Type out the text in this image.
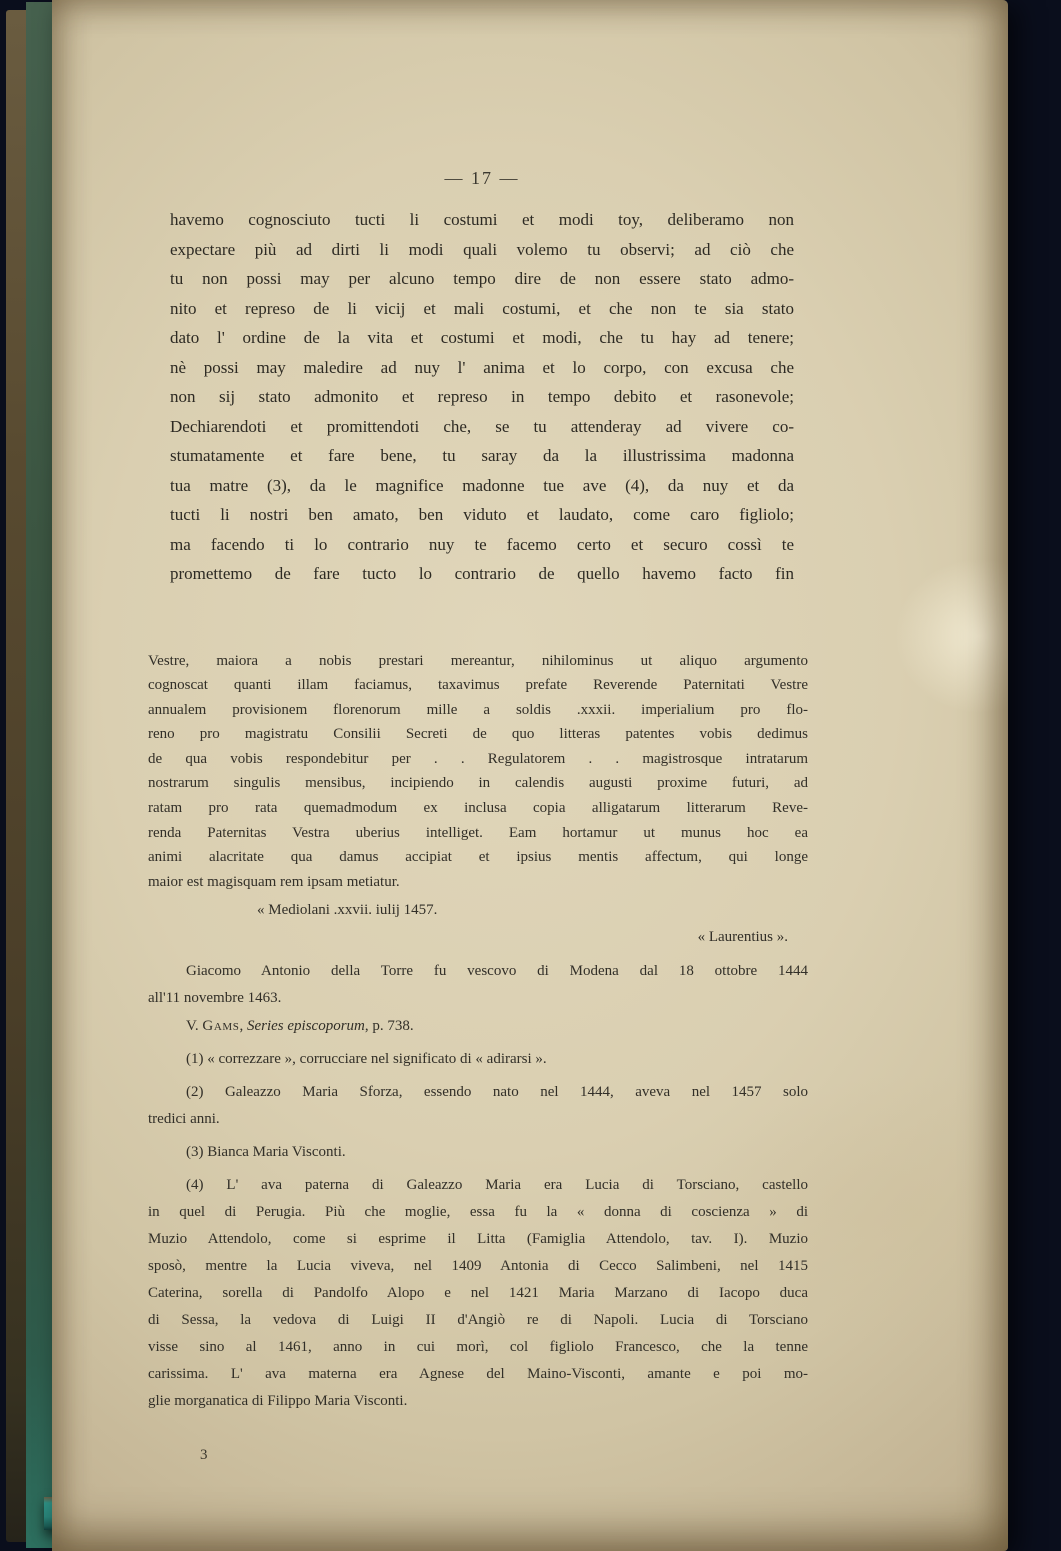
— 17 —
havemo cognosciuto tucti li costumi et modi toy, deliberamo non
expectare più ad dirti li modi quali volemo tu observi; ad ciò che
tu non possi may per alcuno tempo dire de non essere stato admo-
nito et represo de li vicij et mali costumi, et che non te sia stato
dato l' ordine de la vita et costumi et modi, che tu hay ad tenere;
nè possi may maledire ad nuy l' anima et lo corpo, con excusa che
non sij stato admonito et represo in tempo debito et rasonevole;
Dechiarendoti et promittendoti che, se tu attenderay ad vivere co-
stumatamente et fare bene, tu saray da la illustrissima madonna
tua matre (3), da le magnifice madonne tue ave (4), da nuy et da
tucti li nostri ben amato, ben viduto et laudato, come caro figliolo;
ma facendo ti lo contrario nuy te facemo certo et securo cossì te
promettemo de fare tucto lo contrario de quello havemo facto fin
Vestre, maiora a nobis prestari mereantur, nihilominus ut aliquo argumento
cognoscat quanti illam faciamus, taxavimus prefate Reverende Paternitati Vestre
annualem provisionem florenorum mille a soldis .xxxii. imperialium pro flo-
reno pro magistratu Consilii Secreti de quo litteras patentes vobis dedimus
de qua vobis respondebitur per . . Regulatorem . . magistrosque intratarum
nostrarum singulis mensibus, incipiendo in calendis augusti proxime futuri, ad
ratam pro rata quemadmodum ex inclusa copia alligatarum litterarum Reve-
renda Paternitas Vestra uberius intelliget. Eam hortamur ut munus hoc ea
animi alacritate qua damus accipiat et ipsius mentis affectum, qui longe
maior est magisquam rem ipsam metiatur.
« Mediolani .xxvii. iulij 1457.
« Laurentius ».
Giacomo Antonio della Torre fu vescovo di Modena dal 18 ottobre 1444
all'11 novembre 1463.
V. Gams, Series episcoporum, p. 738.
(1) « correzzare », corrucciare nel significato di « adirarsi ».
(2) Galeazzo Maria Sforza, essendo nato nel 1444, aveva nel 1457 solo
tredici anni.
(3) Bianca Maria Visconti.
(4) L' ava paterna di Galeazzo Maria era Lucia di Torsciano, castello
in quel di Perugia. Più che moglie, essa fu la « donna di coscienza » di
Muzio Attendolo, come si esprime il Litta (Famiglia Attendolo, tav. I). Muzio
sposò, mentre la Lucia viveva, nel 1409 Antonia di Cecco Salimbeni, nel 1415
Caterina, sorella di Pandolfo Alopo e nel 1421 Maria Marzano di Iacopo duca
di Sessa, la vedova di Luigi II d'Angiò re di Napoli. Lucia di Torsciano
visse sino al 1461, anno in cui morì, col figliolo Francesco, che la tenne
carissima. L' ava materna era Agnese del Maino-Visconti, amante e poi mo-
glie morganatica di Filippo Maria Visconti.
3
